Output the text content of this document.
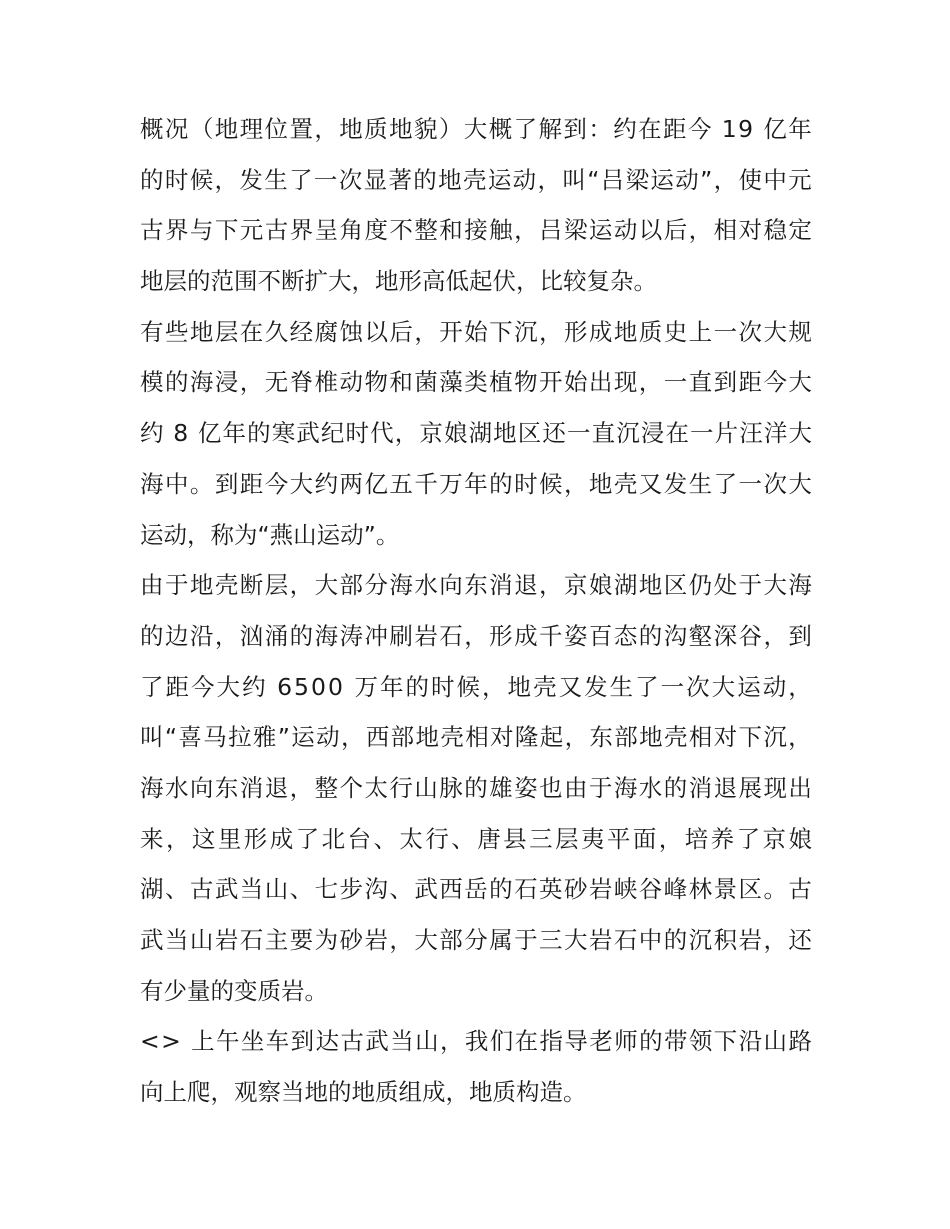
概 况 （ 地 理 位 置 ， 地 质 地 貌 ） 大 概 了 解 到 ： 约 在 距 今
1 9
亿 年
的 时 候 ， 发 生 了 一 次 显 著 的 地 壳 运 动 ， 叫 “ 吕 梁 运 动 ” ， 使 中 元
古 界 与 下 元 古 界 呈 角 度 不 整 和 接 触 ， 吕 梁 运 动 以 后 ， 相 对 稳 定
地层的范围不断扩大，地形高低起伏，比较复杂。
有 些 地 层 在 久 经 腐 蚀 以 后 ， 开 始 下 沉 ， 形 成 地 质 史 上 一 次 大 规
模 的 海 浸 ， 无 脊 椎 动 物 和 菌 藻 类 植 物 开 始 出 现 ， 一 直 到 距 今 大
约
8
亿 年 的 寒 武 纪 时 代 ， 京 娘 湖 地 区 还 一 直 沉 浸 在 一 片 汪 洋 大
海 中 。 到 距 今 大 约 两 亿 五 千 万 年 的 时 候 ， 地 壳 又 发 生 了 一 次 大
运动，称为“燕山运动”。
由 于 地 壳 断 层 ， 大 部 分 海 水 向 东 消 退 ， 京 娘 湖 地 区 仍 处 于 大 海
的 边 沿 ， 汹 涌 的 海 涛 冲 刷 岩 石 ， 形 成 千 姿 百 态 的 沟 壑 深 谷 ， 到
了 距 今 大 约
6 5 0 0
万 年 的 时 候 ， 地 壳 又 发 生 了 一 次 大 运 动 ，
叫 “ 喜 马 拉 雅 ” 运 动 ， 西 部 地 壳 相 对 隆 起 ， 东 部 地 壳 相 对 下 沉 ，
海 水 向 东 消 退 ， 整 个 太 行 山 脉 的 雄 姿 也 由 于 海 水 的 消 退 展 现 出
来 ， 这 里 形 成 了 北 台 、 太 行 、 唐 县 三 层 夷 平 面 ， 培 养 了 京 娘
湖 、 古 武 当 山 、 七 步 沟 、 武 西 岳 的 石 英 砂 岩 峡 谷 峰 林 景 区 。 古
武 当 山 岩 石 主 要 为 砂 岩 ， 大 部 分 属 于 三 大 岩 石 中 的 沉 积 岩 ， 还
有少量的变质岩。
< >
上 午 坐 车 到 达 古 武 当 山 ， 我 们 在 指 导 老 师 的 带 领 下 沿 山 路
向上爬，观察当地的地质组成，地质构造。
